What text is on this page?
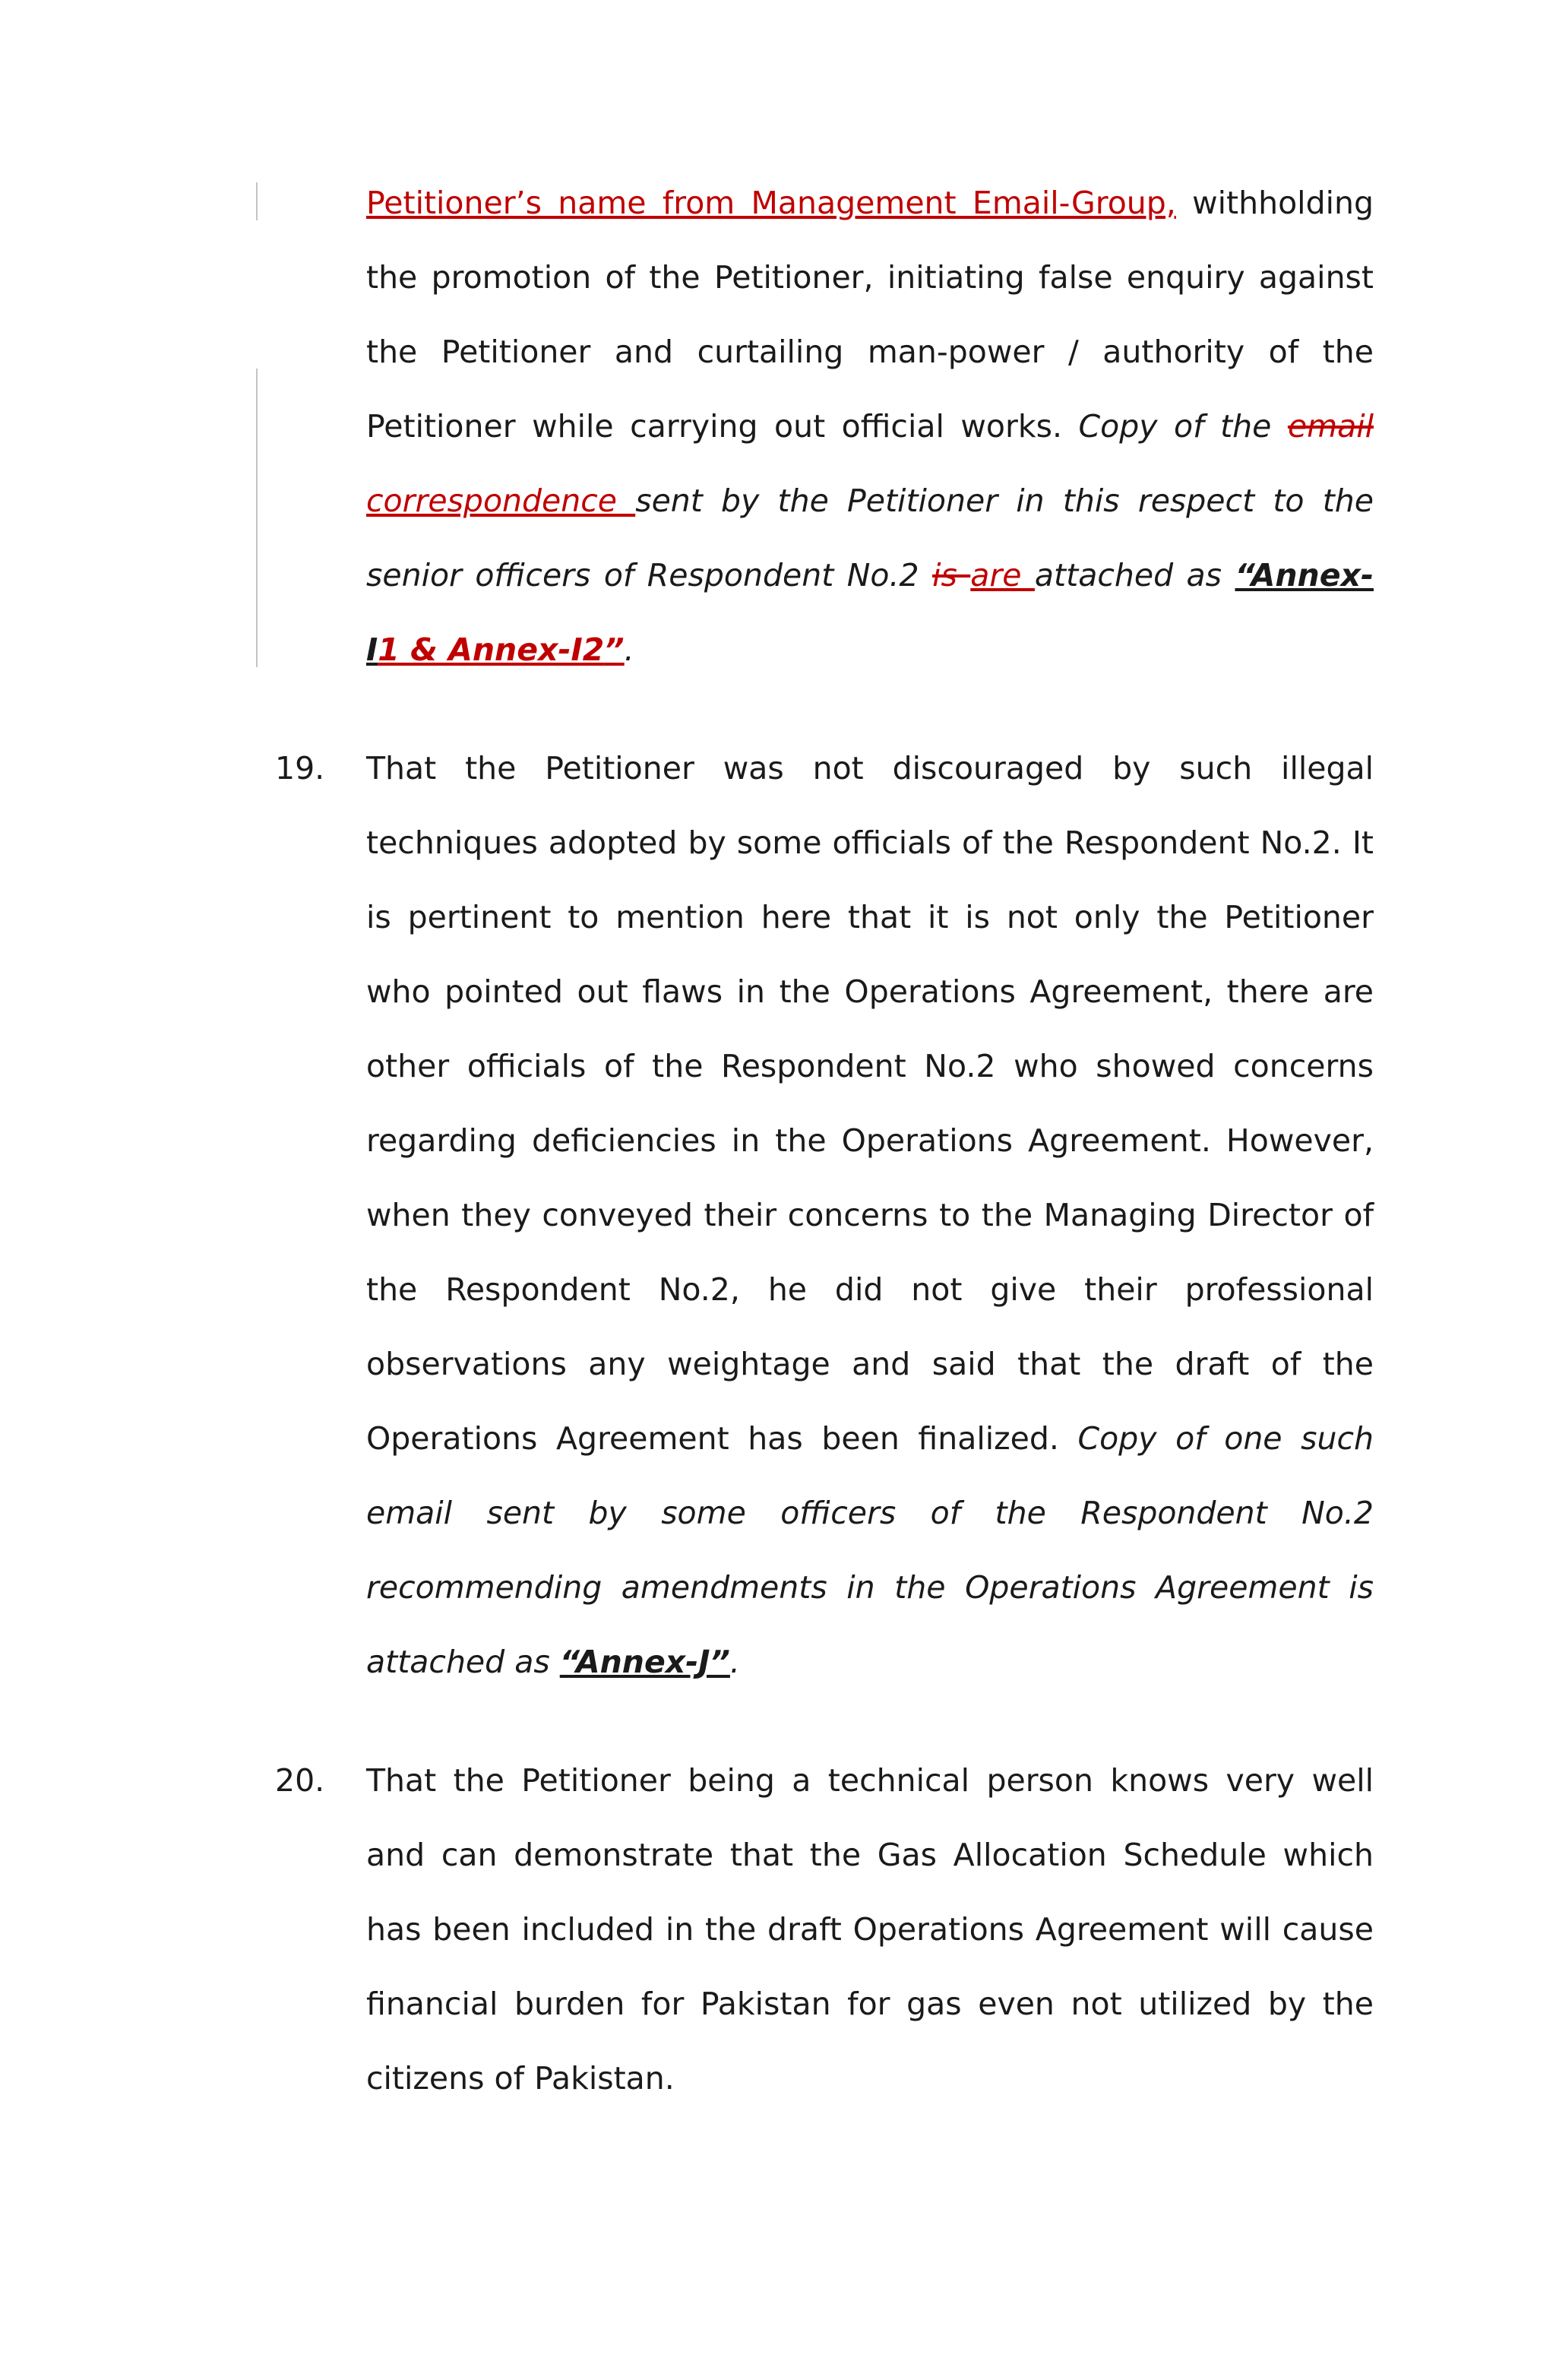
Petitioner’s name from Management Email-Group, withholding the promotion of the Petitioner, initiating false enquiry against the Petitioner and curtailing man-power / authority of the Petitioner while carrying out official works. Copy of the email correspondence sent by the Petitioner in this respect to the senior officers of Respondent No.2 is are attached as “Annex-I1 & Annex-I2”.

19. That the Petitioner was not discouraged by such illegal techniques adopted by some officials of the Respondent No.2. It is pertinent to mention here that it is not only the Petitioner who pointed out flaws in the Operations Agreement, there are other officials of the Respondent No.2 who showed concerns regarding deficiencies in the Operations Agreement. However, when they conveyed their concerns to the Managing Director of the Respondent No.2, he did not give their professional observations any weightage and said that the draft of the Operations Agreement has been finalized. Copy of one such email sent by some officers of the Respondent No.2 recommending amendments in the Operations Agreement is attached as “Annex-J”.

20. That the Petitioner being a technical person knows very well and can demonstrate that the Gas Allocation Schedule which has been included in the draft Operations Agreement will cause financial burden for Pakistan for gas even not utilized by the citizens of Pakistan.
